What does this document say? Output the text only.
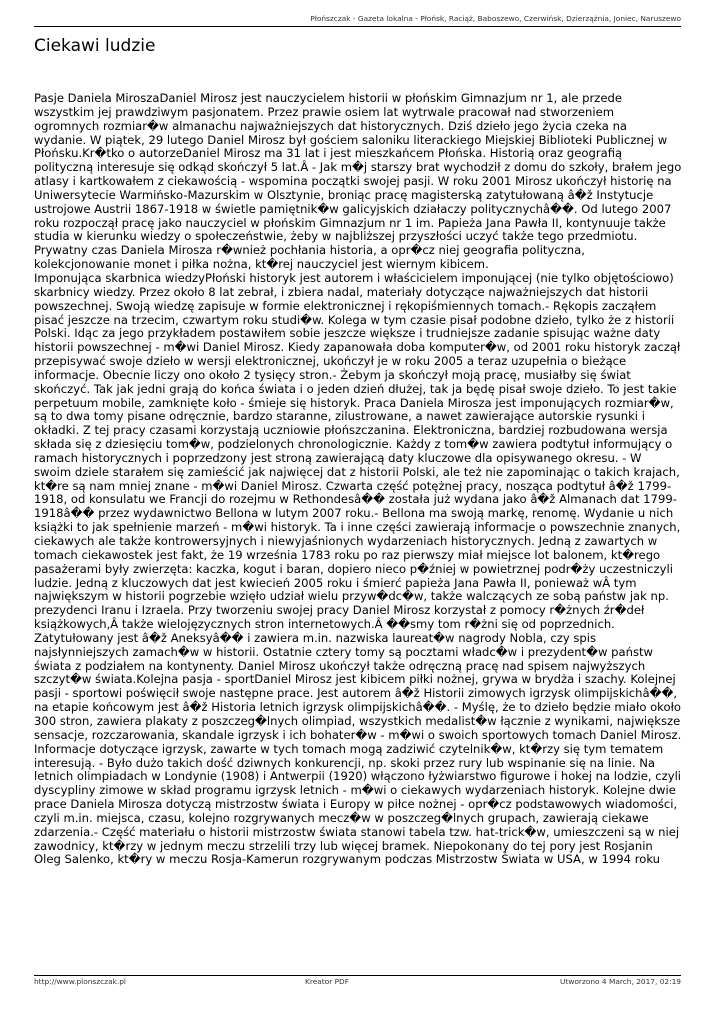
Płońszczak - Gazeta lokalna - Płońsk, Raciąż, Baboszewo, Czerwińsk, Dzierzążnia, Joniec, Naruszewo
Ciekawi ludzie

Pasje Daniela MiroszaDaniel Mirosz jest nauczycielem historii w płońskim Gimnazjum nr 1, ale przede wszystkim jej prawdziwym pasjonatem. Przez prawie osiem lat wytrwale pracował nad stworzeniem ogromnych rozmiar�w almanachu najważniejszych dat historycznych. Dziś dzieło jego życia czeka na wydanie. W piątek, 29 lutego Daniel Mirosz był gościem saloniku literackiego Miejskiej Biblioteki Publicznej w Płońsku.Kr�tko o autorzeDaniel Mirosz ma 31 lat i jest mieszkańcem Płońska. Historią oraz geografią polityczną interesuje się odkąd skończył 5 lat.Â - Jak m�j starszy brat wychodził z domu do szkoły, brałem jego atlasy i kartkowałem z ciekawością - wspomina początki swojej pasji. W roku 2001 Mirosz ukończył historię na Uniwersytecie Warmińsko-Mazurskim w Olsztynie, broniąc pracę magisterską zatytułowaną â�ž Instytucje ustrojowe Austrii 1867-1918 w świetle pamiętnik�w galicyjskich działaczy politycznychâ��. Od lutego 2007 roku rozpoczął pracę jako nauczyciel w płońskim Gimnazjum nr 1 im. Papieża Jana Pawła II, kontynuuje także studia w kierunku wiedzy o społeczeństwie, żeby w najbliższej przyszłości uczyć także tego przedmiotu. Prywatny czas Daniela Mirosza r�wnież pochłania historia, a opr�cz niej geografia polityczna, kolekcjonowanie monet i piłka nożna, kt�rej nauczyciel jest wiernym kibicem.

Imponująca skarbnica wiedzyPłoński historyk jest autorem i właścicielem imponującej (nie tylko objętościowo) skarbnicy wiedzy. Przez około 8 lat zebrał, i zbiera nadal, materiały dotyczące najważniejszych dat historii powszechnej. Swoją wiedzę zapisuje w formie elektronicznej i rękopiśmiennych tomach.- Rękopis zacząłem pisać jeszcze na trzecim, czwartym roku studi�w. Kolega w tym czasie pisał podobne dzieło, tylko że z historii Polski. Idąc za jego przykładem postawiłem sobie jeszcze większe i trudniejsze zadanie spisując ważne daty historii powszechnej - m�wi Daniel Mirosz. Kiedy zapanowała doba komputer�w, od 2001 roku historyk zaczął przepisywać swoje dzieło w wersji elektronicznej, ukończył je w roku 2005 a teraz uzupełnia o bieżące informacje. Obecnie liczy ono około 2 tysięcy stron.- Żebym ja skończył moją pracę, musiałby się świat skończyć. Tak jak jedni grają do końca świata i o jeden dzień dłużej, tak ja będę pisał swoje dzieło. To jest takie perpetuum mobile, zamknięte koło - śmieje się historyk. Praca Daniela Mirosza jest imponujących rozmiar�w, są to dwa tomy pisane odręcznie, bardzo staranne, zilustrowane, a nawet zawierające autorskie rysunki i okładki. Z tej pracy czasami korzystają uczniowie płońszczanina. Elektroniczna, bardziej rozbudowana wersja składa się z dziesięciu tom�w, podzielonych chronologicznie. Każdy z tom�w zawiera podtytuł informujący o ramach historycznych i poprzedzony jest stroną zawierającą daty kluczowe dla opisywanego okresu. - W swoim dziele starałem się zamieścić jak najwięcej dat z historii Polski, ale też nie zapominając o takich krajach, kt�re są nam mniej znane - m�wi Daniel Mirosz. Czwarta część potężnej pracy, nosząca podtytuł â�ž 1799-1918, od konsulatu we Francji do rozejmu w Rethondesâ�� została już wydana jako â�ž Almanach dat 1799-1918â�� przez wydawnictwo Bellona w lutym 2007 roku.- Bellona ma swoją markę, renomę. Wydanie u nich książki to jak spełnienie marzeń - m�wi historyk. Ta i inne części zawierają informacje o powszechnie znanych, ciekawych ale także kontrowersyjnych i niewyjaśnionych wydarzeniach historycznych. Jedną z zawartych w tomach ciekawostek jest fakt, że 19 września 1783 roku po raz pierwszy miał miejsce lot balonem, kt�rego pasażerami były zwierzęta: kaczka, kogut i baran, dopiero nieco p�źniej w powietrznej podr�ży uczestniczyli ludzie. Jedną z kluczowych dat jest kwiecień 2005 roku i śmierć papieża Jana Pawła II, ponieważ wÂ tym największym w historii pogrzebie wzięło udział wielu przyw�dc�w, także walczących ze sobą państw jak np. prezydenci Iranu i Izraela. Przy tworzeniu swojej pracy Daniel Mirosz korzystał z pomocy r�żnych źr�deł książkowych,Â także wielojęzycznych stron internetowych.Â ��smy tom r�żni się od poprzednich. Zatytułowany jest â�ž Aneksyâ�� i zawiera m.in. nazwiska laureat�w nagrody Nobla, czy spis najsłynniejszych zamach�w w historii. Ostatnie cztery tomy są pocztami władc�w i prezydent�w państw świata z podziałem na kontynenty. Daniel Mirosz ukończył także odręczną pracę nad spisem najwyższych szczyt�w świata.Kolejna pasja - sportDaniel Mirosz jest kibicem piłki nożnej, grywa w brydża i szachy. Kolejnej pasji - sportowi poświęcił swoje następne prace. Jest autorem â�ž Historii zimowych igrzysk olimpijskichâ��, na etapie końcowym jest â�ž Historia letnich igrzysk olimpijskichâ��. - Myślę, że to dzieło będzie miało około 300 stron, zawiera plakaty z poszczeg�lnych olimpiad, wszystkich medalist�w łącznie z wynikami, największe sensacje, rozczarowania, skandale igrzysk i ich bohater�w - m�wi o swoich sportowych tomach Daniel Mirosz. Informacje dotyczące igrzysk, zawarte w tych tomach mogą zadziwić czytelnik�w, kt�rzy się tym tematem interesują. - Było dużo takich dość dziwnych konkurencji, np. skoki przez rury lub wspinanie się na linie. Na letnich olimpiadach w Londynie (1908) i Antwerpii (1920) włączono łyżwiarstwo figurowe i hokej na lodzie, czyli dyscypliny zimowe w skład programu igrzysk letnich - m�wi o ciekawych wydarzeniach historyk. Kolejne dwie prace Daniela Mirosza dotyczą mistrzostw świata i Europy w piłce nożnej - opr�cz podstawowych wiadomości, czyli m.in. miejsca, czasu, kolejno rozgrywanych mecz�w w poszczeg�lnych grupach, zawierają ciekawe zdarzenia.- Część materiału o historii mistrzostw świata stanowi tabela tzw. hat-trick�w, umieszczeni są w niej zawodnicy, kt�rzy w jednym meczu strzelili trzy lub więcej bramek. Niepokonany do tej pory jest Rosjanin Oleg Salenko, kt�ry w meczu Rosja-Kamerun rozgrywanym podczas Mistrzostw Świata w USA, w 1994 roku

http://www.plonszczak.pl	Kreator PDF	Utworzono 4 March, 2017, 02:19
